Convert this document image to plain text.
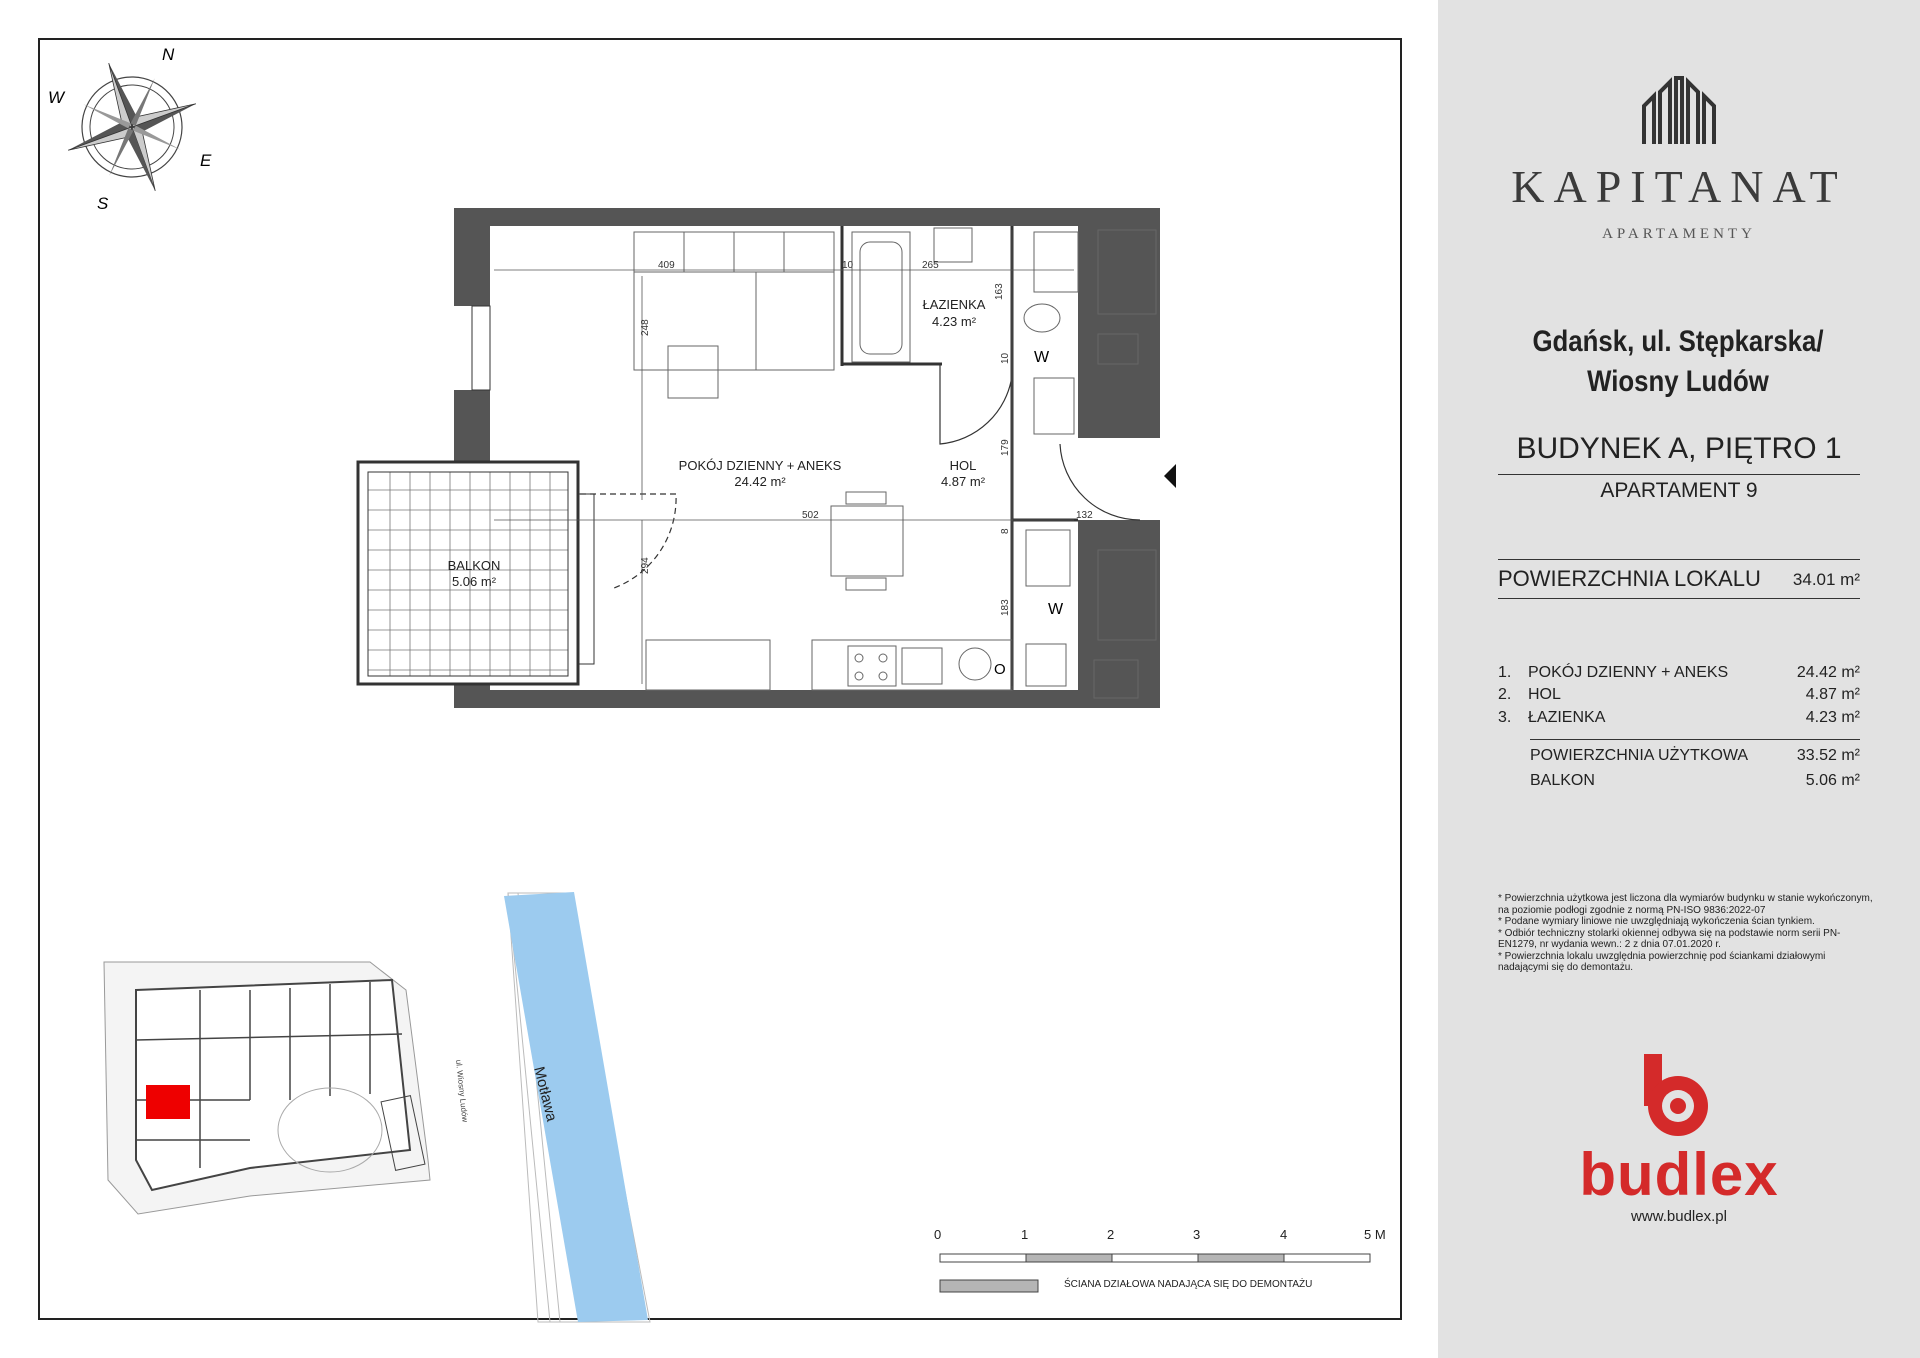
N
E
S
W
409	10	265
163
248
10
179
502	132
8
294
183
POKÓJ DZIENNY + ANEKS
24.42 m²
HOL
4.87 m²
ŁAZIENKA
4.23 m²
BALKON
5.06 m²
W
W
O
ul. Wiosny Ludów	Motława
0	1	2	3	4	5 M
ŚCIANA DZIAŁOWA NADAJĄCA SIĘ DO DEMONTAŻU
KAPITANAT
APARTAMENTY
Gdańsk, ul. Stępkarska/ Wiosny Ludów
BUDYNEK A, PIĘTRO 1
APARTAMENT 9
POWIERZCHNIA LOKALU	34.01 m²
1. POKÓJ DZIENNY + ANEKS	24.42 m²
2. HOL	4.87 m²
3. ŁAZIENKA	4.23 m²
POWIERZCHNIA UŻYTKOWA	33.52 m²
BALKON	5.06 m²
* Powierzchnia użytkowa jest liczona dla wymiarów budynku w stanie wykończonym, na poziomie podłogi zgodnie z normą PN-ISO 9836:2022-07
* Podane wymiary liniowe nie uwzględniają wykończenia ścian tynkiem.
* Odbiór techniczny stolarki okiennej odbywa się na podstawie norm serii PN-EN1279, nr wydania wewn.: 2 z dnia 07.01.2020 r.
* Powierzchnia lokalu uwzględnia powierzchnię pod ściankami działowymi nadającymi się do demontażu.
budlex
www.budlex.pl
